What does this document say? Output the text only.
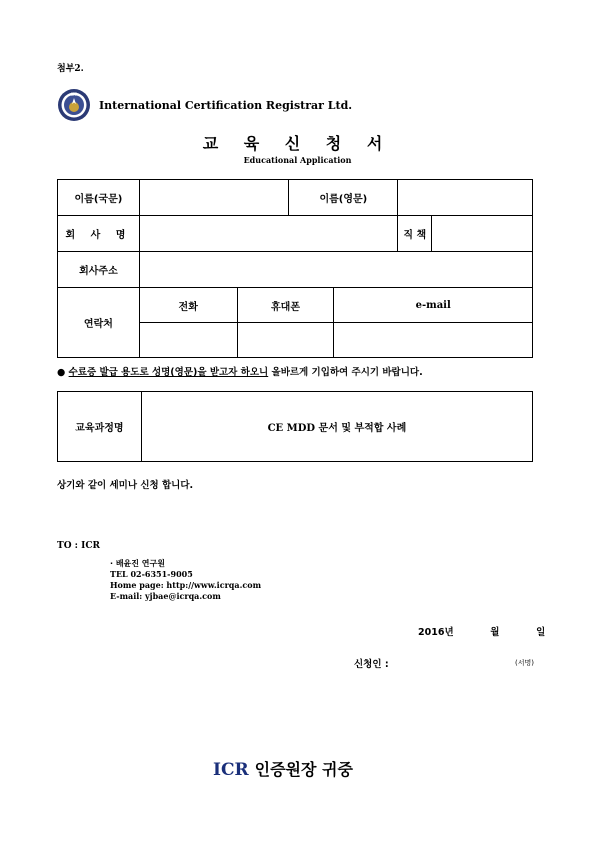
첨부2.
ICR
International Certification Registrar Ltd.
교 육 신 청 서
Educational Application
이름(국문)			이름(영문)			
회 사 명					직 책	
회사주소						
연락처	전화	휴대폰		e-mail		

● 수료증 발급 용도로 성명(영문)을 받고자 하오니 올바르게 기입하여 주시기 바랍니다.
교육과정명	CE MDD 문서 및 부적합 사례
상기와 같이 세미나 신청 합니다.
TO : ICR
· 배윤진 연구원
TEL 02-6351-9005
Home page: http://www.icrqa.com
E-mail: yjbae@icrqa.com
2016년	월	일
신청인 :	(서명)
ICR 인증원장 귀중
